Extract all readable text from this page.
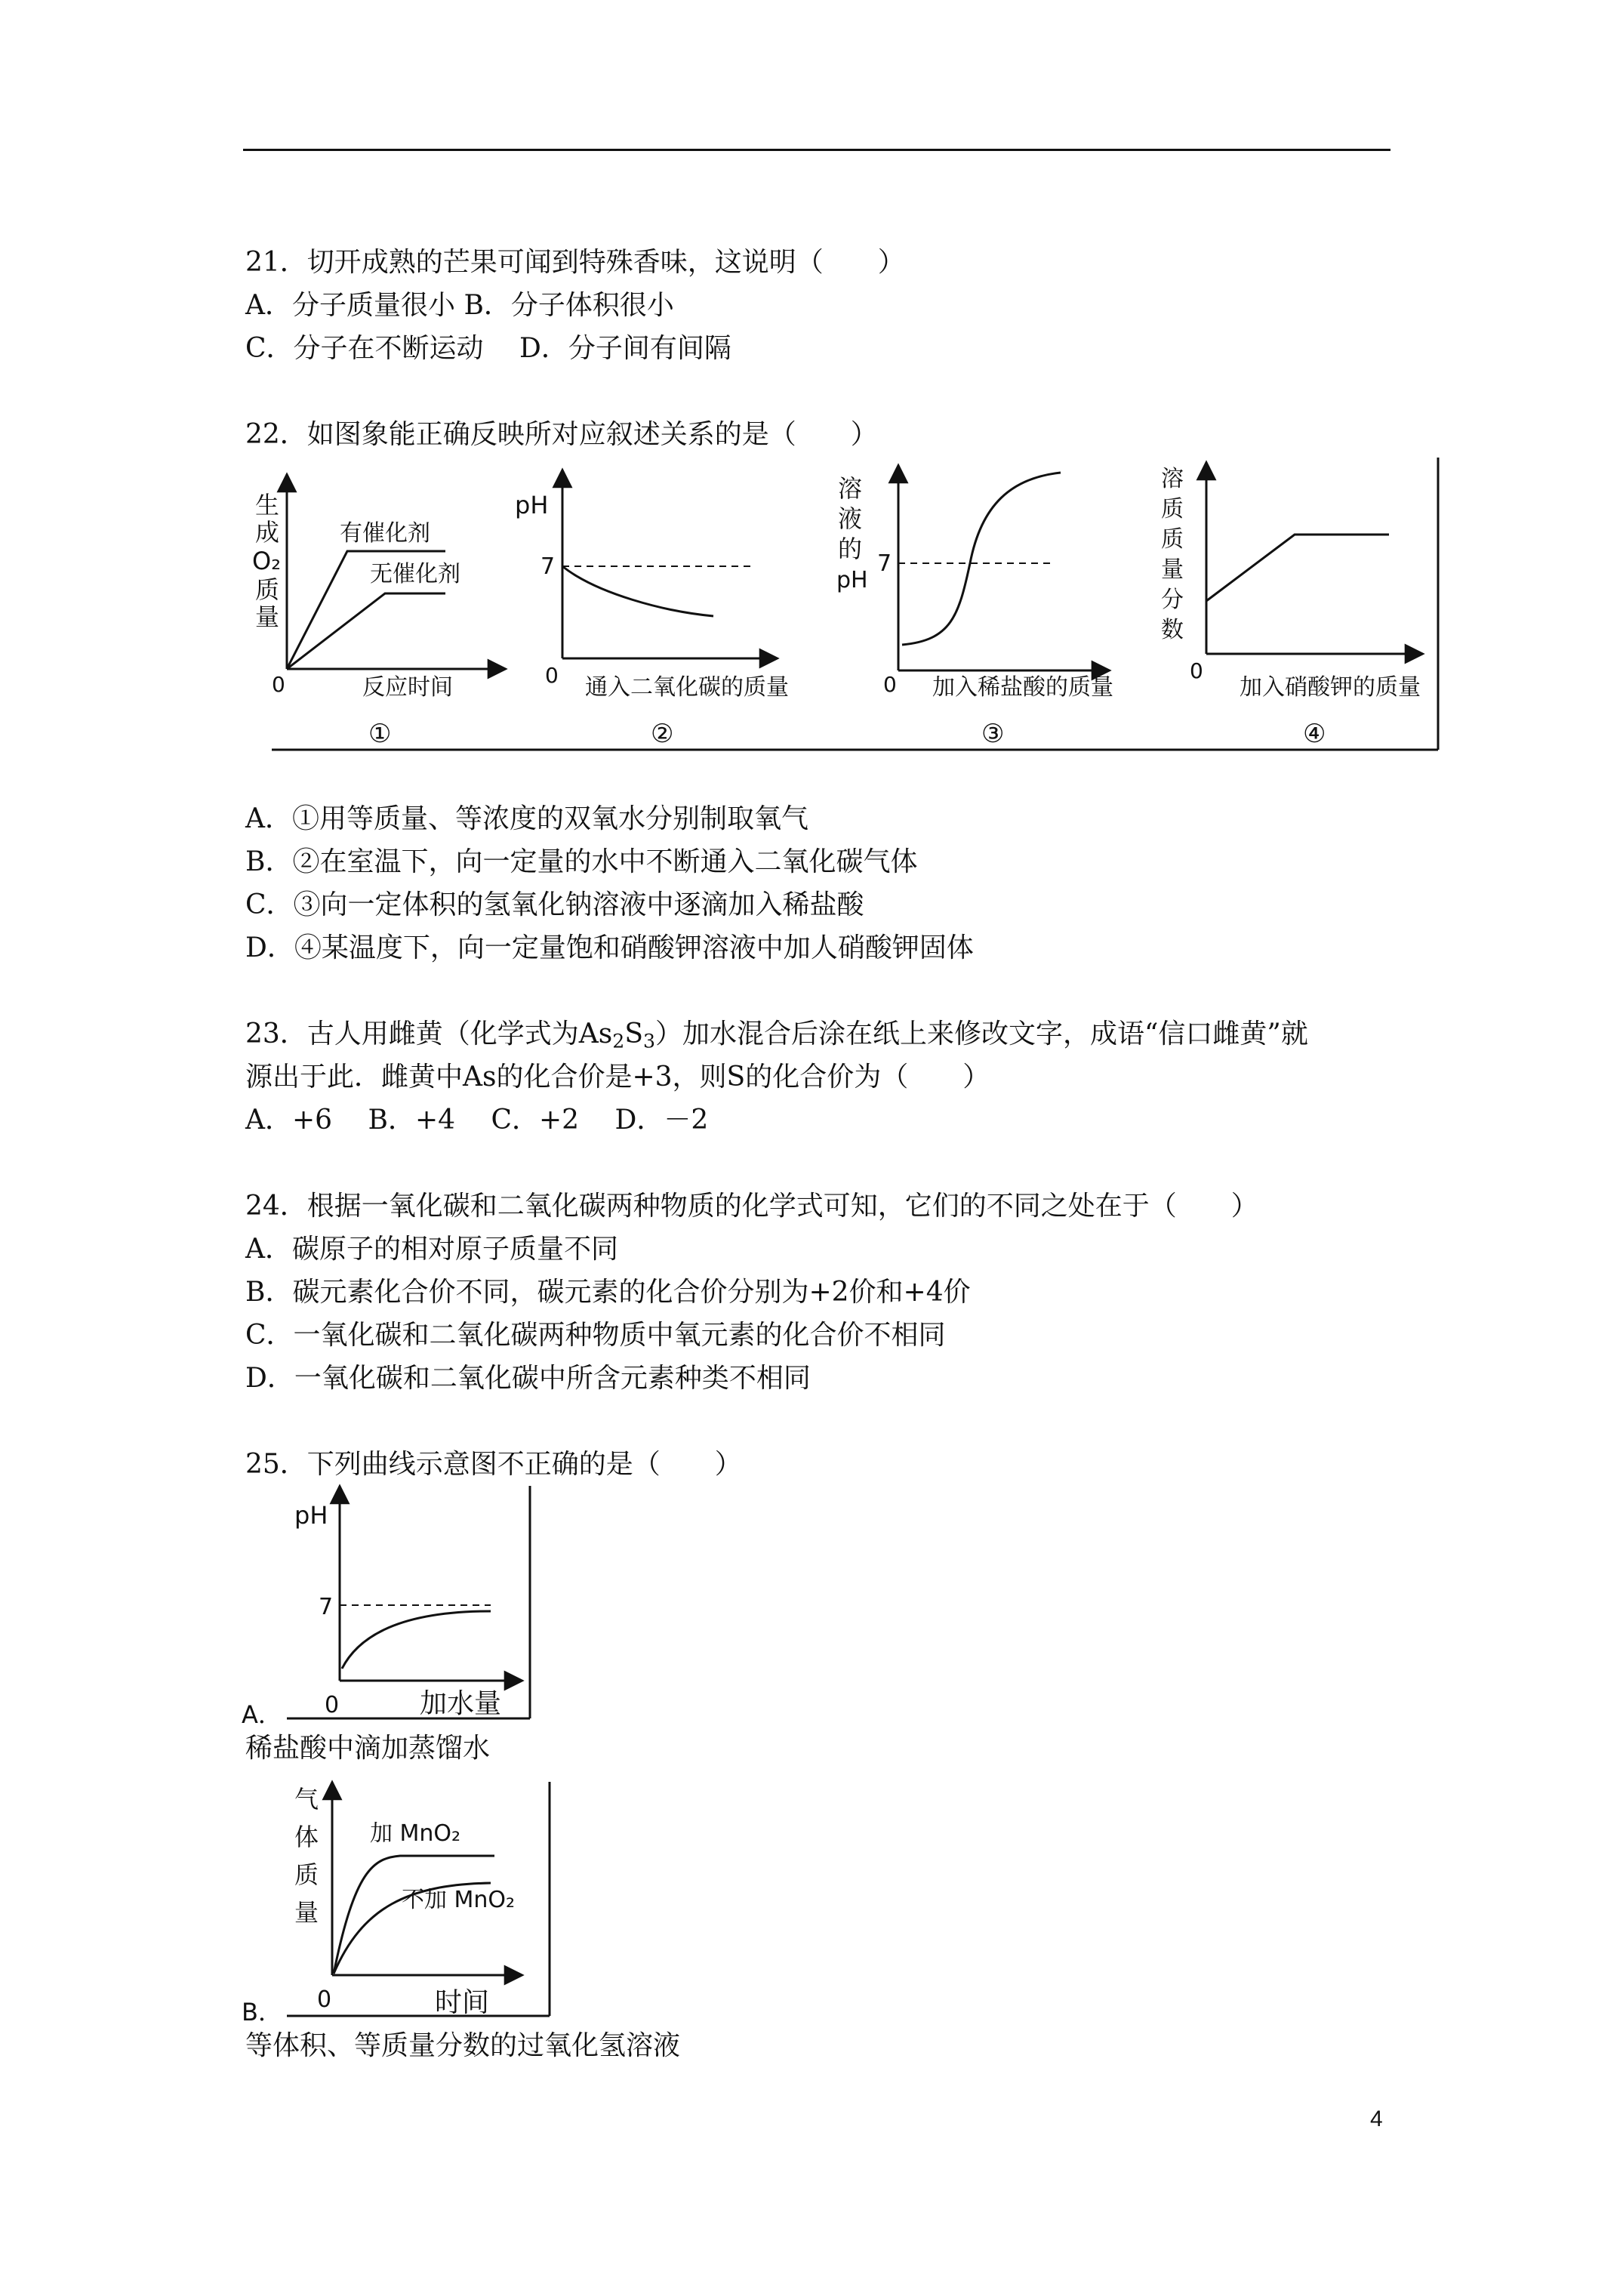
21．切开成熟的芒果可闻到特殊香味，这说明（　　）
A．分子质量很小 B．分子体积很小
C．分子在不断运动　 D．分子间有间隔
22．如图象能正确反映所对应叙述关系的是（　　）
生
成
O₂
质
量
0	反应时间
有催化剂
无催化剂
①
pH
7
0 通入二氧化碳的质量
②
溶
液
的
pH
7
0 加入稀盐酸的质量
③
溶
质
质
量
分
数
0
加入硝酸钾的质量
④
A．①用等质量、等浓度的双氧水分别制取氧气
B．②在室温下，向一定量的水中不断通入二氧化碳气体
C．③向一定体积的氢氧化钠溶液中逐滴加入稀盐酸
D．④某温度下，向一定量饱和硝酸钾溶液中加人硝酸钾固体
23．古人用雌黄（化学式为$As_2S_3$）加水混合后涂在纸上来修改文字，成语“信口雌黄”就
源出于此．雌黄中As的化合价是+3，则S的化合价为（　　）
A．+6　 B．+4　 C．+2　 D．－2
24．根据一氧化碳和二氧化碳两种物质的化学式可知，它们的不同之处在于（　　）
A．碳原子的相对原子质量不同
B．碳元素化合价不同，碳元素的化合价分别为+2价和+4价
C．一氧化碳和二氧化碳两种物质中氧元素的化合价不相同
D．一氧化碳和二氧化碳中所含元素种类不相同
25．下列曲线示意图不正确的是（　　）
pH
7
A． 0	加水量
稀盐酸中滴加蒸馏水
气
体
质
量
加 MnO₂
不加 MnO₂
B． 0	时间
等体积、等质量分数的过氧化氢溶液
4
